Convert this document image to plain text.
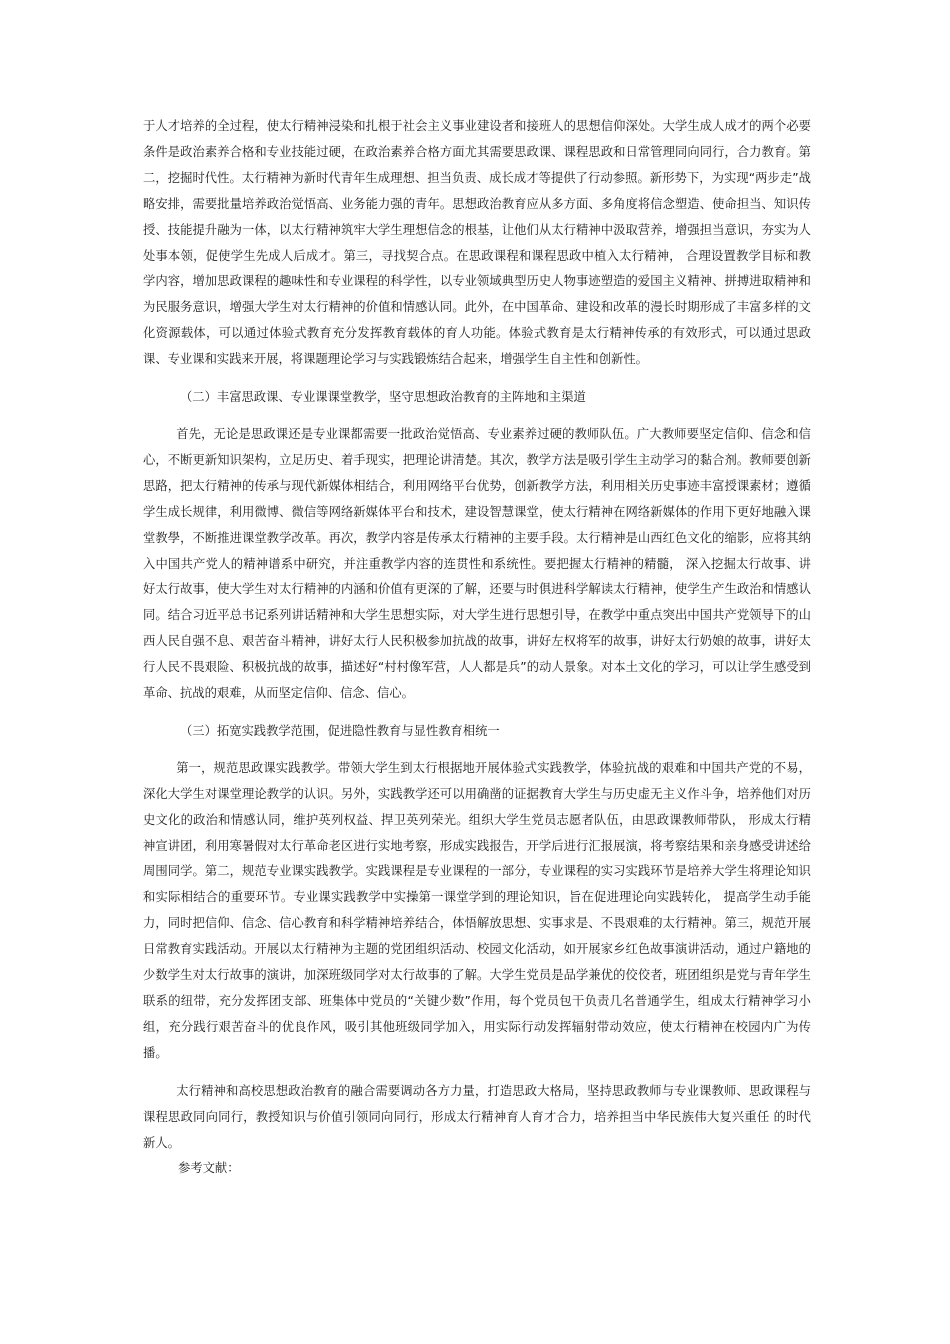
于人才培养的全过程，使太行精神浸染和扎根于社会主义事业建设者和接班人的思想信仰深处。大学生成人成才的两个必要条件是政治素养合格和专业技能过硬，在政治素养合格方面尤其需要思政课、课程思政和日常管理同向同行，合力教育。第二，挖掘时代性。太行精神为新时代青年生成理想、担当负责、成长成才等提供了行动参照。新形势下，为实现“两步走”战略安排，需要批量培养政治觉悟高、业务能力强的青年。思想政治教育应从多方面、多角度将信念塑造、使命担当、知识传授、技能提升融为一体，以太行精神筑牢大学生理想信念的根基，让他们从太行精神中汲取营养，增强担当意识，夯实为人处事本领，促使学生先成人后成才。第三，寻找契合点。在思政课程和课程思政中植入太行精神， 合理设置教学目标和教学内容，增加思政课程的趣味性和专业课程的科学性，以专业领域典型历史人物事迹塑造的爱国主义精神、拼搏进取精神和为民服务意识，增强大学生对太行精神的价值和情感认同。此外，在中国革命、建设和改革的漫长时期形成了丰富多样的文化资源载体，可以通过体验式教育充分发挥教育载体的育人功能。体验式教育是太行精神传承的有效形式，可以通过思政课、专业课和实践来开展，将课题理论学习与实践锻炼结合起来，增强学生自主性和创新性。

（二）丰富思政课、专业课课堂教学，坚守思想政治教育的主阵地和主渠道

首先，无论是思政课还是专业课都需要一批政治觉悟高、专业素养过硬的教师队伍。广大教师要坚定信仰、信念和信心，不断更新知识架构，立足历史、着手现实，把理论讲清楚。其次，教学方法是吸引学生主动学习的黏合剂。教师要创新思路，把太行精神的传承与现代新媒体相结合，利用网络平台优势，创新教学方法，利用相关历史事迹丰富授课素材；遵循学生成长规律，利用微博、微信等网络新媒体平台和技术，建设智慧课堂，使太行精神在网络新媒体的作用下更好地融入课堂教學，不断推进课堂教学改革。再次，教学内容是传承太行精神的主要手段。太行精神是山西红色文化的缩影，应将其纳入中国共产党人的精神谱系中研究，并注重教学内容的连贯性和系统性。要把握太行精神的精髓， 深入挖掘太行故事、讲好太行故事，使大学生对太行精神的内涵和价值有更深的了解，还要与时俱进科学解读太行精神，使学生产生政治和情感认同。结合习近平总书记系列讲话精神和大学生思想实际，对大学生进行思想引导，在教学中重点突出中国共产党领导下的山西人民自强不息、艰苦奋斗精神，讲好太行人民积极参加抗战的故事，讲好左权将军的故事，讲好太行奶娘的故事，讲好太行人民不畏艰险、积极抗战的故事，描述好“村村像军营，人人都是兵”的动人景象。对本土文化的学习，可以让学生感受到革命、抗战的艰难，从而坚定信仰、信念、信心。

（三）拓宽实践教学范围，促进隐性教育与显性教育相统一

第一，规范思政课实践教学。带领大学生到太行根据地开展体验式实践教学，体验抗战的艰难和中国共产党的不易，深化大学生对课堂理论教学的认识。另外，实践教学还可以用确凿的证据教育大学生与历史虚无主义作斗争，培养他们对历史文化的政治和情感认同，维护英列权益、捍卫英列荣光。组织大学生党员志愿者队伍，由思政课教师带队， 形成太行精神宣讲团，利用寒暑假对太行革命老区进行实地考察，形成实践报告，开学后进行汇报展演，将考察结果和亲身感受讲述给周围同学。第二，规范专业课实践教学。实践课程是专业课程的一部分，专业课程的实习实践环节是培养大学生将理论知识和实际相结合的重要环节。专业课实践教学中实操第一课堂学到的理论知识，旨在促进理论向实践转化， 提高学生动手能力，同时把信仰、信念、信心教育和科学精神培养结合，体悟解放思想、实事求是、不畏艰难的太行精神。第三，规范开展日常教育实践活动。开展以太行精神为主题的党团组织活动、校​园文化活动，如开展家乡红色故事演讲活动，通过户籍地的少数学生对太行故事的演讲，加深班级同学对太行故事的了解。大学生党员是品学兼优的佼佼者，班团组织是党与青年学生联系的纽带，充分发挥团支部、班集体中党员的“关键少数”作用，每个党员包干负责几名普通学生，组成太行精神学习小组，充分践行艰苦奋斗的优良作风，吸引其他班级同学加入，用实际行动发挥辐射带动效应，使太行精神在校​园内广为传播。

太行精神和高校思想政治教育的融合需要调动各方力量，打造思政大格局，坚持思政教师与专业课教师、思政课程与课程思政同向同行，教授知识与价值引领同向同行，形成太行精神育人育才合力，培养担当中华民族伟大复兴重任 的时代新人。

参考文献：
